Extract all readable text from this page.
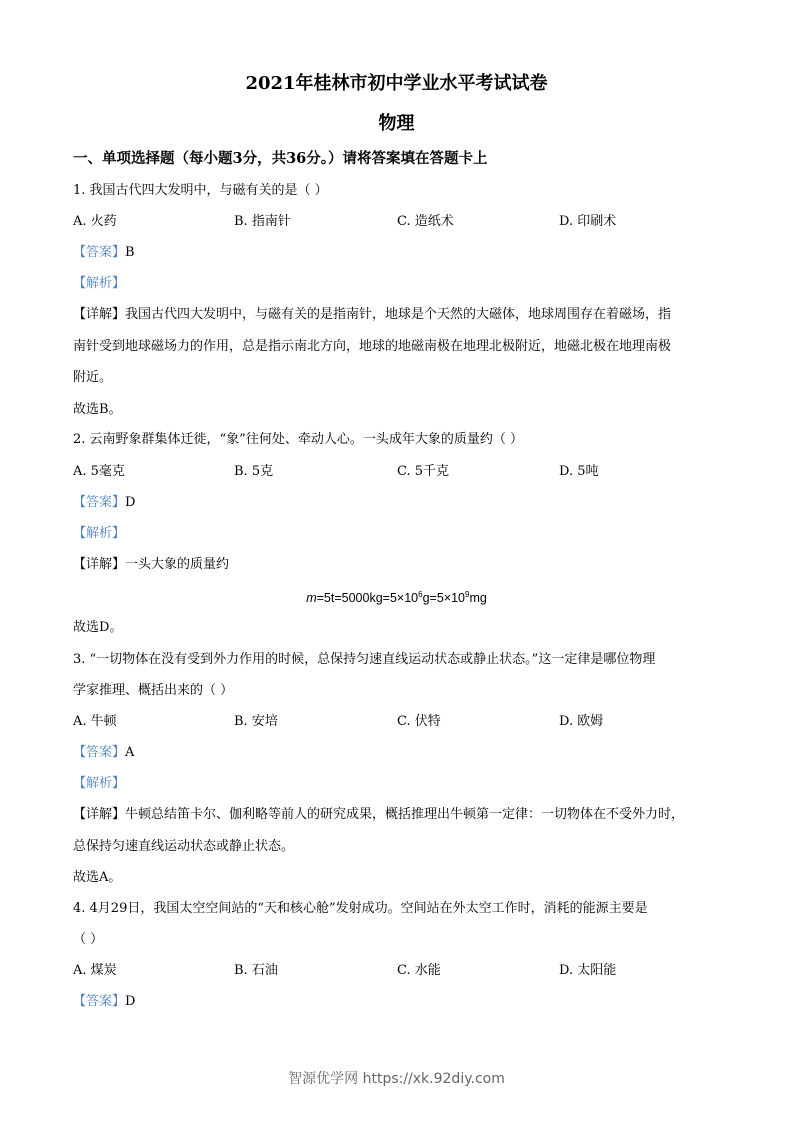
2021年桂林市初中学业水平考试试卷
物理
一、单项选择题（每小题3分，共36分。）请将答案填在答题卡上
1. 我国古代四大发明中，与磁有关的是（ ）
A. 火药	B. 指南针	C. 造纸术	D. 印刷术
【答案】B
【解析】
【详解】我国古代四大发明中，与磁有关的是指南针，地球是个天然的大磁体，地球周围存在着磁场，指
南针受到地球磁场力的作用，总是指示南北方向，地球的地磁南极在地理北极附近，地磁北极在地理南极
附近。
故选B。
2. 云南野象群集体迁徙，“象”往何处、牵动人心。一头成年大象的质量约（ ）
A. 5毫克	B. 5克	C. 5千克	D. 5吨
【答案】D
【解析】
【详解】一头大象的质量约
$m=5t=5000kg=5\times 10^6g=5\times 10^9mg$
故选D。
3. “一切物体在没有受到外力作用的时候，总保持匀速直线运动状态或静止状态。”这一定律是哪位物理
学家推理、概括出来的（ ）
A. 牛顿	B. 安培	C. 伏特	D. 欧姆
【答案】A
【解析】
【详解】牛顿总结笛卡尔、伽利略等前人的研究成果，概括推理出牛顿第一定律：一切物体在不受外力时，
总保持匀速直线运动状态或静止状态。
故选A。
4. 4月29日，我国太空空间站的“天和核心舱”发射成功。空间站在外太空工作时，消耗的能源主要是
（ ）
A. 煤炭	B. 石油	C. 水能	D. 太阳能
【答案】D
智源优学网 https://xk.92diy.com
